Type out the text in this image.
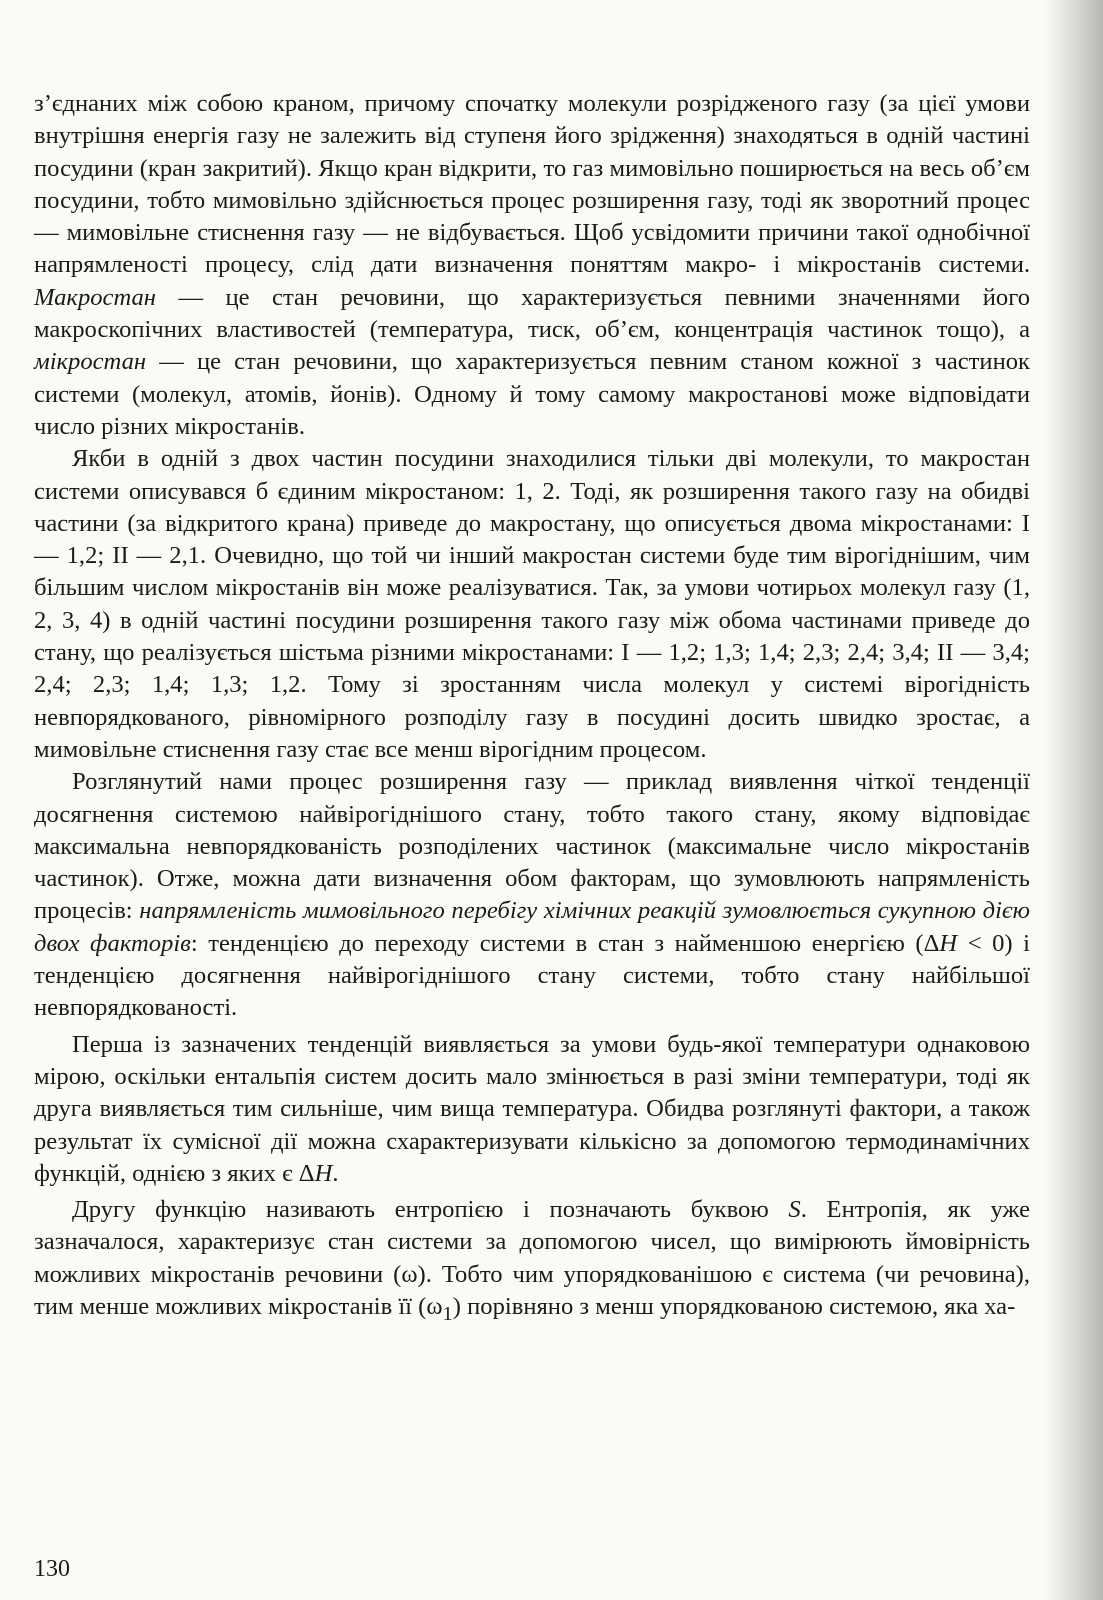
з’єднаних між собою краном, причому спочатку молекули розрідженого газу (за цієї умови внутрішня енергія газу не залежить від ступеня його зрідження) знаходяться в одній частині посудини (кран закритий). Якщо кран відкрити, то газ мимовільно поширюється на весь об’єм посудини, тобто мимовільно здійснюється процес розширення газу, тоді як зворотний процес — мимовільне стиснення газу — не відбувається. Щоб усвідомити причини такої однобічної напрямленості процесу, слід дати визначення поняттям макро- і мікростанів системи. Макростан — це стан речовини, що характеризується певними значеннями його макроскопічних властивостей (температура, тиск, об’єм, концентрація частинок тощо), а мікростан — це стан речовини, що характеризується певним станом кожної з частинок системи (молекул, атомів, йонів). Одному й тому самому макростанові може відповідати число різних мікростанів.

Якби в одній з двох частин посудини знаходилися тільки дві молекули, то макростан системи описувався б єдиним мікростаном: 1, 2. Тоді, як розширення такого газу на обидві частини (за відкритого крана) приведе до макростану, що описується двома мікростанами: I — 1,2; II — 2,1. Очевидно, що той чи інший макростан системи буде тим вірогіднішим, чим більшим числом мікростанів він може реалізуватися. Так, за умови чотирьох молекул газу (1, 2, 3, 4) в одній частині посудини розширення такого газу між обома частинами приведе до стану, що реалізується шістьма різними мікростанами: I — 1,2; 1,3; 1,4; 2,3; 2,4; 3,4; II — 3,4; 2,4; 2,3; 1,4; 1,3; 1,2. Тому зі зростанням числа молекул у системі вірогідність невпорядкованого, рівномірного розподілу газу в посудині досить швидко зростає, а мимовільне стиснення газу стає все менш вірогідним процесом.

Розглянутий нами процес розширення газу — приклад виявлення чіткої тенденції досягнення системою найвірогіднішого стану, тобто такого стану, якому відповідає максимальна невпорядкованість розподілених частинок (максимальне число мікростанів частинок). Отже, можна дати визначення обом факторам, що зумовлюють напрямленість процесів: напрямленість мимовільного перебігу хімічних реакцій зумовлюється сукупною дією двох факторів: тенденцією до переходу системи в стан з найменшою енергією (ΔH < 0) і тенденцією досягнення найвірогіднішого стану системи, тобто стану найбільшої невпорядкованості.

Перша із зазначених тенденцій виявляється за умови будь-якої температури однаковою мірою, оскільки ентальпія систем досить мало змінюється в разі зміни температури, тоді як друга виявляється тим сильніше, чим вища температура. Обидва розглянуті фактори, а також результат їх сумісної дії можна схарактеризувати кількісно за допомогою термодинамічних функцій, однією з яких є ΔH.

Другу функцію називають ентропією і позначають буквою S. Ентропія, як уже зазначалося, характеризує стан системи за допомогою чисел, що вимірюють ймовірність можливих мікростанів речовини (ω). Тобто чим упорядкованішою є система (чи речовина), тим менше можливих мікростанів її $(\omega_1)$ порівняно з менш упорядкованою системою, яка ха-

130
